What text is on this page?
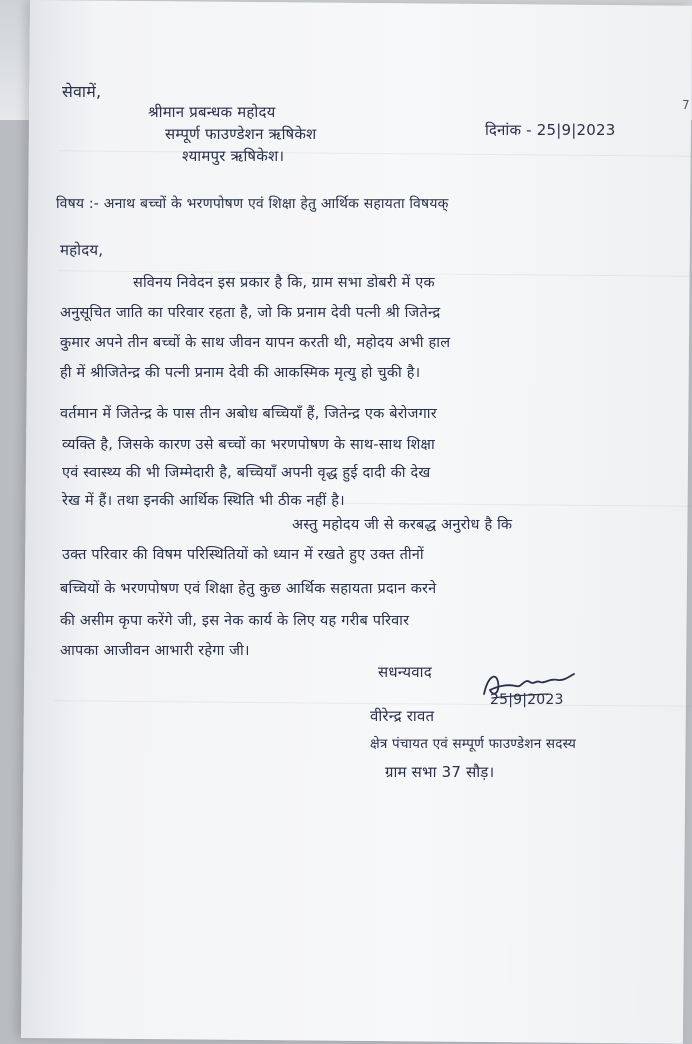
7
सेवामें,
श्रीमान प्रबन्धक महोदय
सम्पूर्ण फाउण्डेशन ऋषिकेश
श्यामपुर ऋषिकेश।
दिनांक - 25|9|2023
विषय :- अनाथ बच्चों के भरणपोषण एवं शिक्षा हेतु आर्थिक सहायता विषयक्
महोदय,
सविनय निवेदन इस प्रकार है कि, ग्राम सभा डोबरी में एक
अनुसूचित जाति का परिवार रहता है, जो कि प्रनाम देवी पत्नी श्री जितेन्द्र
कुमार अपने तीन बच्चों के साथ जीवन यापन करती थी, महोदय अभी हाल
ही में श्रीजितेन्द्र की पत्नी प्रनाम देवी की आकस्मिक मृत्यु हो चुकी है।
वर्तमान में जितेन्द्र के पास तीन अबोध बच्चियाँ हैं, जितेन्द्र एक बेरोजगार
व्यक्ति है, जिसके कारण उसे बच्चों का भरणपोषण के साथ-साथ शिक्षा
एवं स्वास्थ्य की भी जिम्मेदारी है, बच्चियाँ अपनी वृद्ध हुई दादी की देख
रेख में हैं। तथा इनकी आर्थिक स्थिति भी ठीक नहीं है।
अस्तु महोदय जी से करबद्ध अनुरोध है कि
उक्त परिवार की विषम परिस्थितियों को ध्यान में रखते हुए उक्त तीनों
बच्चियों के भरणपोषण एवं शिक्षा हेतु कुछ आर्थिक सहायता प्रदान करने
की असीम कृपा करेंगे जी, इस नेक कार्य के लिए यह गरीब परिवार
आपका आजीवन आभारी रहेगा जी।
सधन्यवाद
25|9|2023
वीरेन्द्र रावत
क्षेत्र पंचायत एवं सम्पूर्ण फाउण्डेशन सदस्य
ग्राम सभा 37 सौड़।
